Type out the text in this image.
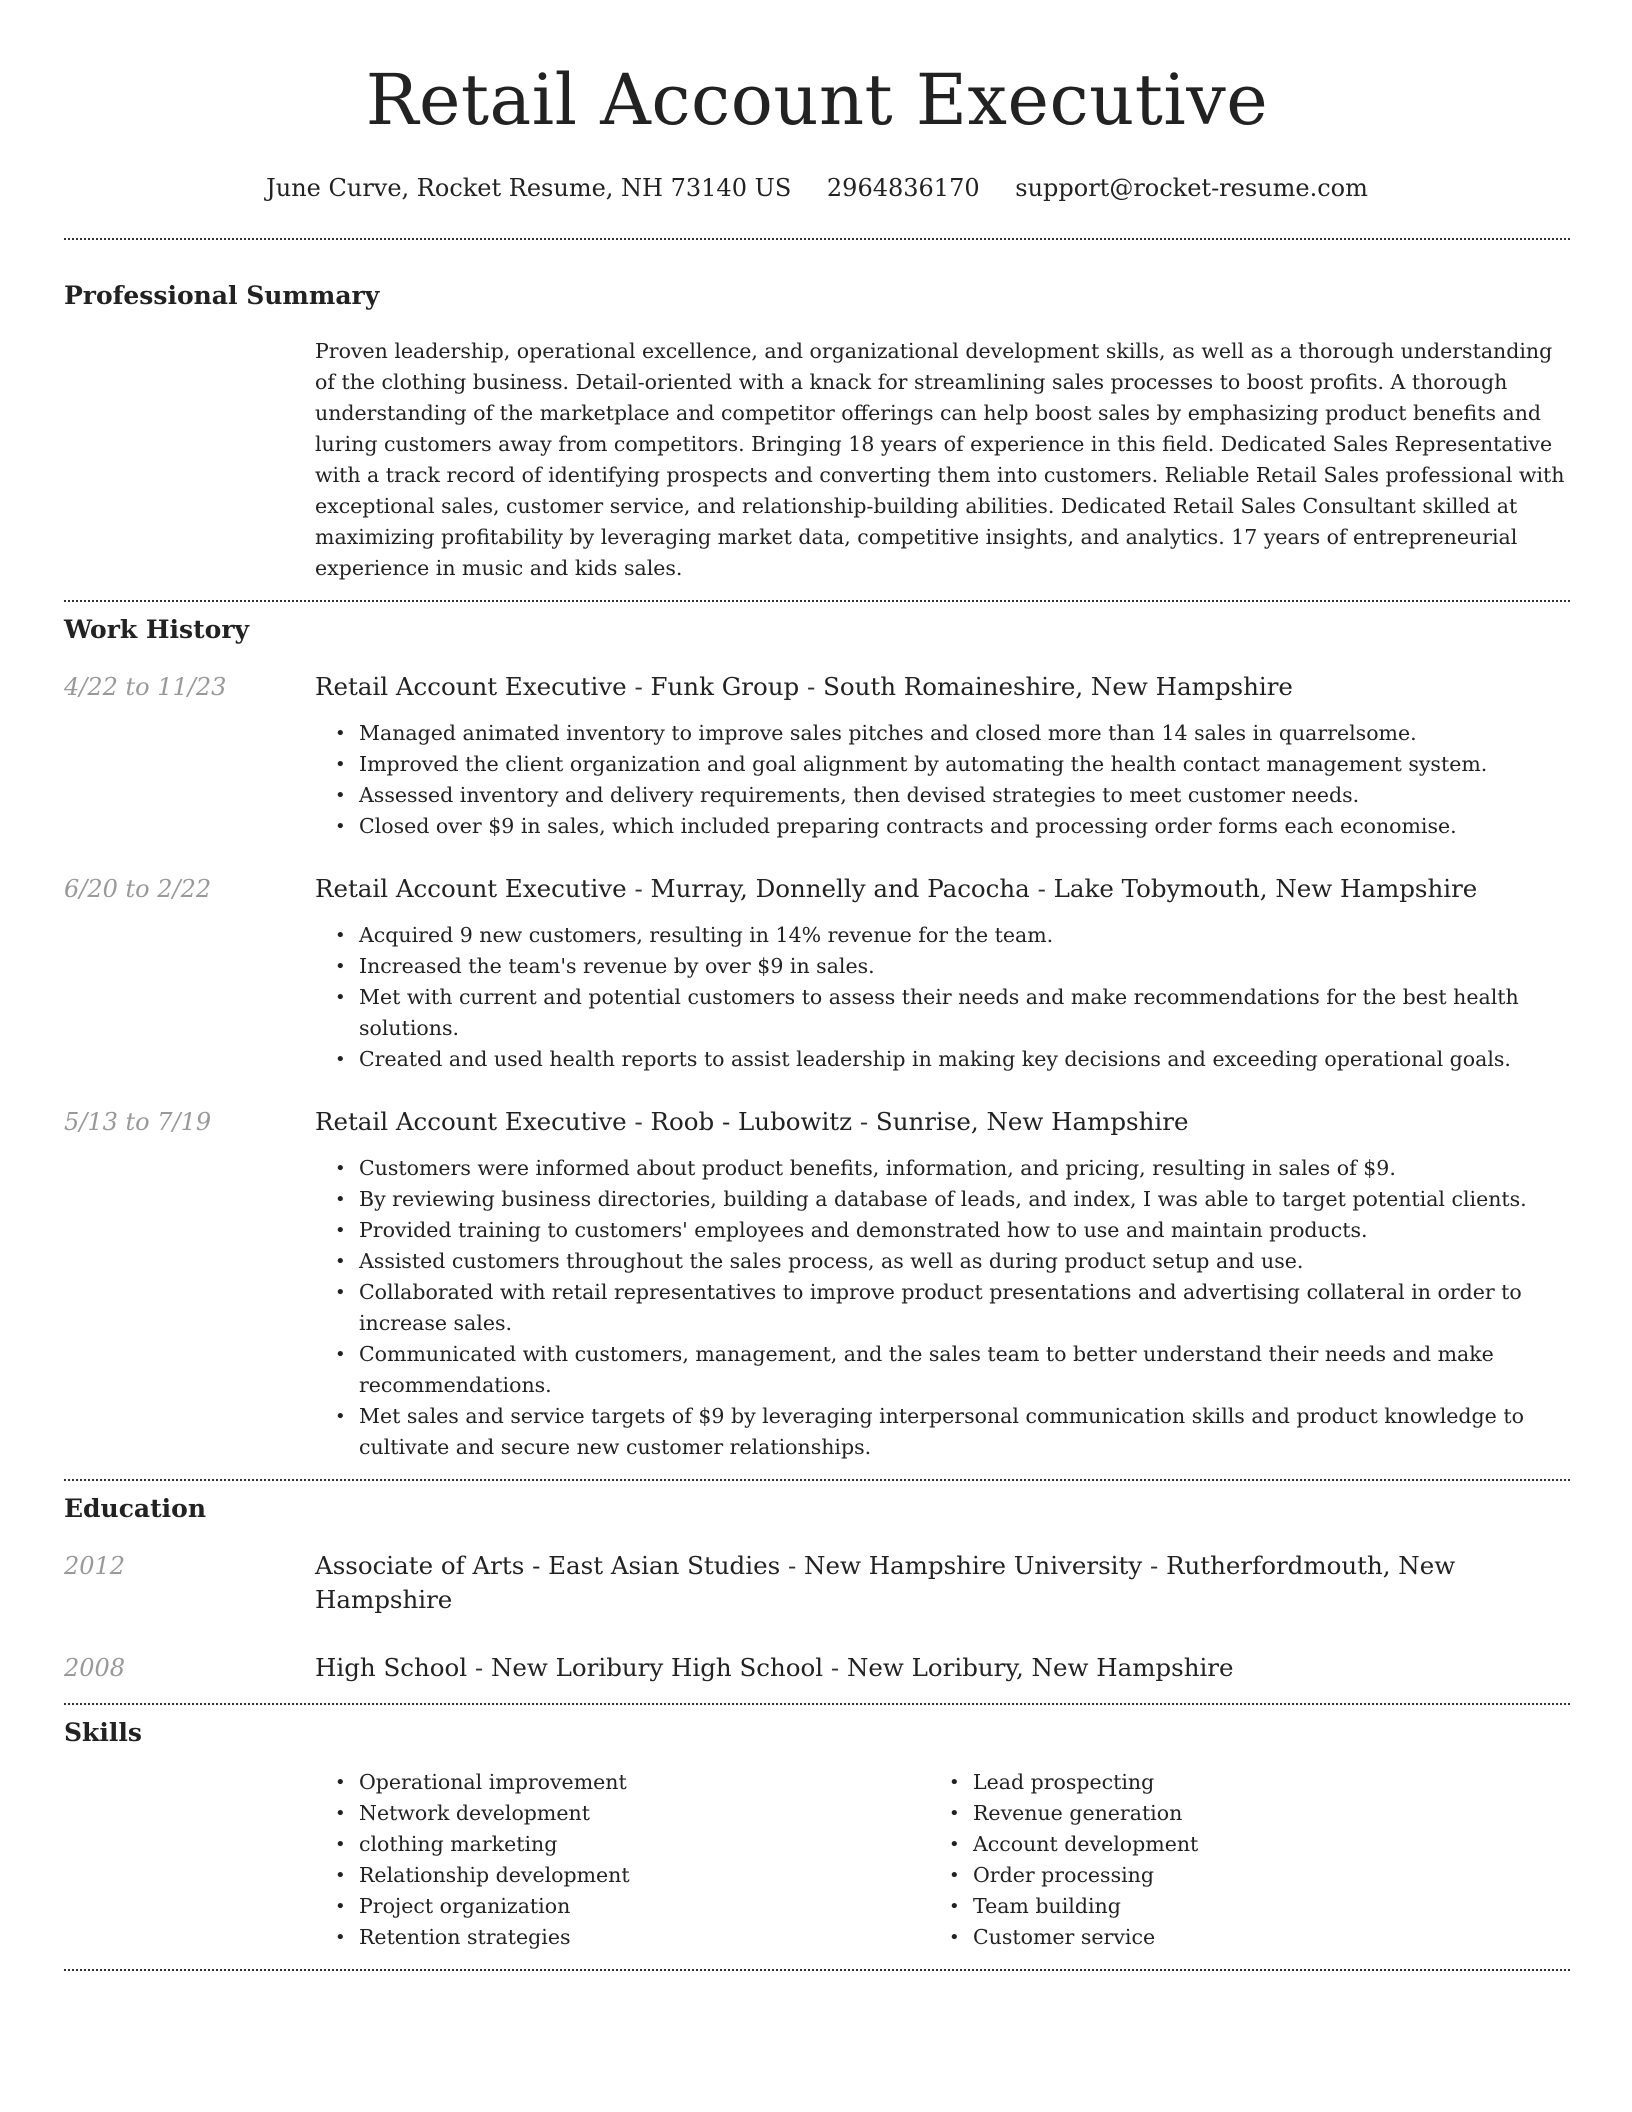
Retail Account Executive
June Curve, Rocket Resume, NH 73140 US 2964836170 support@rocket-resume.com
Professional Summary

Proven leadership, operational excellence, and organizational development skills, as well as a thorough understanding of the clothing business. Detail-oriented with a knack for streamlining sales processes to boost profits. A thorough understanding of the marketplace and competitor offerings can help boost sales by emphasizing product benefits and luring customers away from competitors. Bringing 18 years of experience in this field. Dedicated Sales Representative with a track record of identifying prospects and converting them into customers. Reliable Retail Sales professional with exceptional sales, customer service, and relationship-building abilities. Dedicated Retail Sales Consultant skilled at maximizing profitability by leveraging market data, competitive insights, and analytics. 17 years of entrepreneurial experience in music and kids sales.

Work History
4/22 to 11/23	Retail Account Executive - Funk Group - South Romaineshire, New Hampshire
• Managed animated inventory to improve sales pitches and closed more than 14 sales in quarrelsome.
• Improved the client organization and goal alignment by automating the health contact management system.
• Assessed inventory and delivery requirements, then devised strategies to meet customer needs.
• Closed over $9 in sales, which included preparing contracts and processing order forms each economise.
6/20 to 2/22	Retail Account Executive - Murray, Donnelly and Pacocha - Lake Tobymouth, New Hampshire
• Acquired 9 new customers, resulting in 14% revenue for the team.
• Increased the team's revenue by over $9 in sales.
• Met with current and potential customers to assess their needs and make recommendations for the best health solutions.
• Created and used health reports to assist leadership in making key decisions and exceeding operational goals.
5/13 to 7/19	Retail Account Executive - Roob - Lubowitz - Sunrise, New Hampshire
• Customers were informed about product benefits, information, and pricing, resulting in sales of $9.
• By reviewing business directories, building a database of leads, and index, I was able to target potential clients.
• Provided training to customers' employees and demonstrated how to use and maintain products.
• Assisted customers throughout the sales process, as well as during product setup and use.
• Collaborated with retail representatives to improve product presentations and advertising collateral in order to increase sales.
• Communicated with customers, management, and the sales team to better understand their needs and make recommendations.
• Met sales and service targets of $9 by leveraging interpersonal communication skills and product knowledge to cultivate and secure new customer relationships.
Education
2012	Associate of Arts - East Asian Studies - New Hampshire University - Rutherfordmouth, New Hampshire
2008	High School - New Loribury High School - New Loribury, New Hampshire
Skills
• Operational improvement
• Network development
• clothing marketing
• Relationship development
• Project organization
• Retention strategies
• Lead prospecting
• Revenue generation
• Account development
• Order processing
• Team building
• Customer service
